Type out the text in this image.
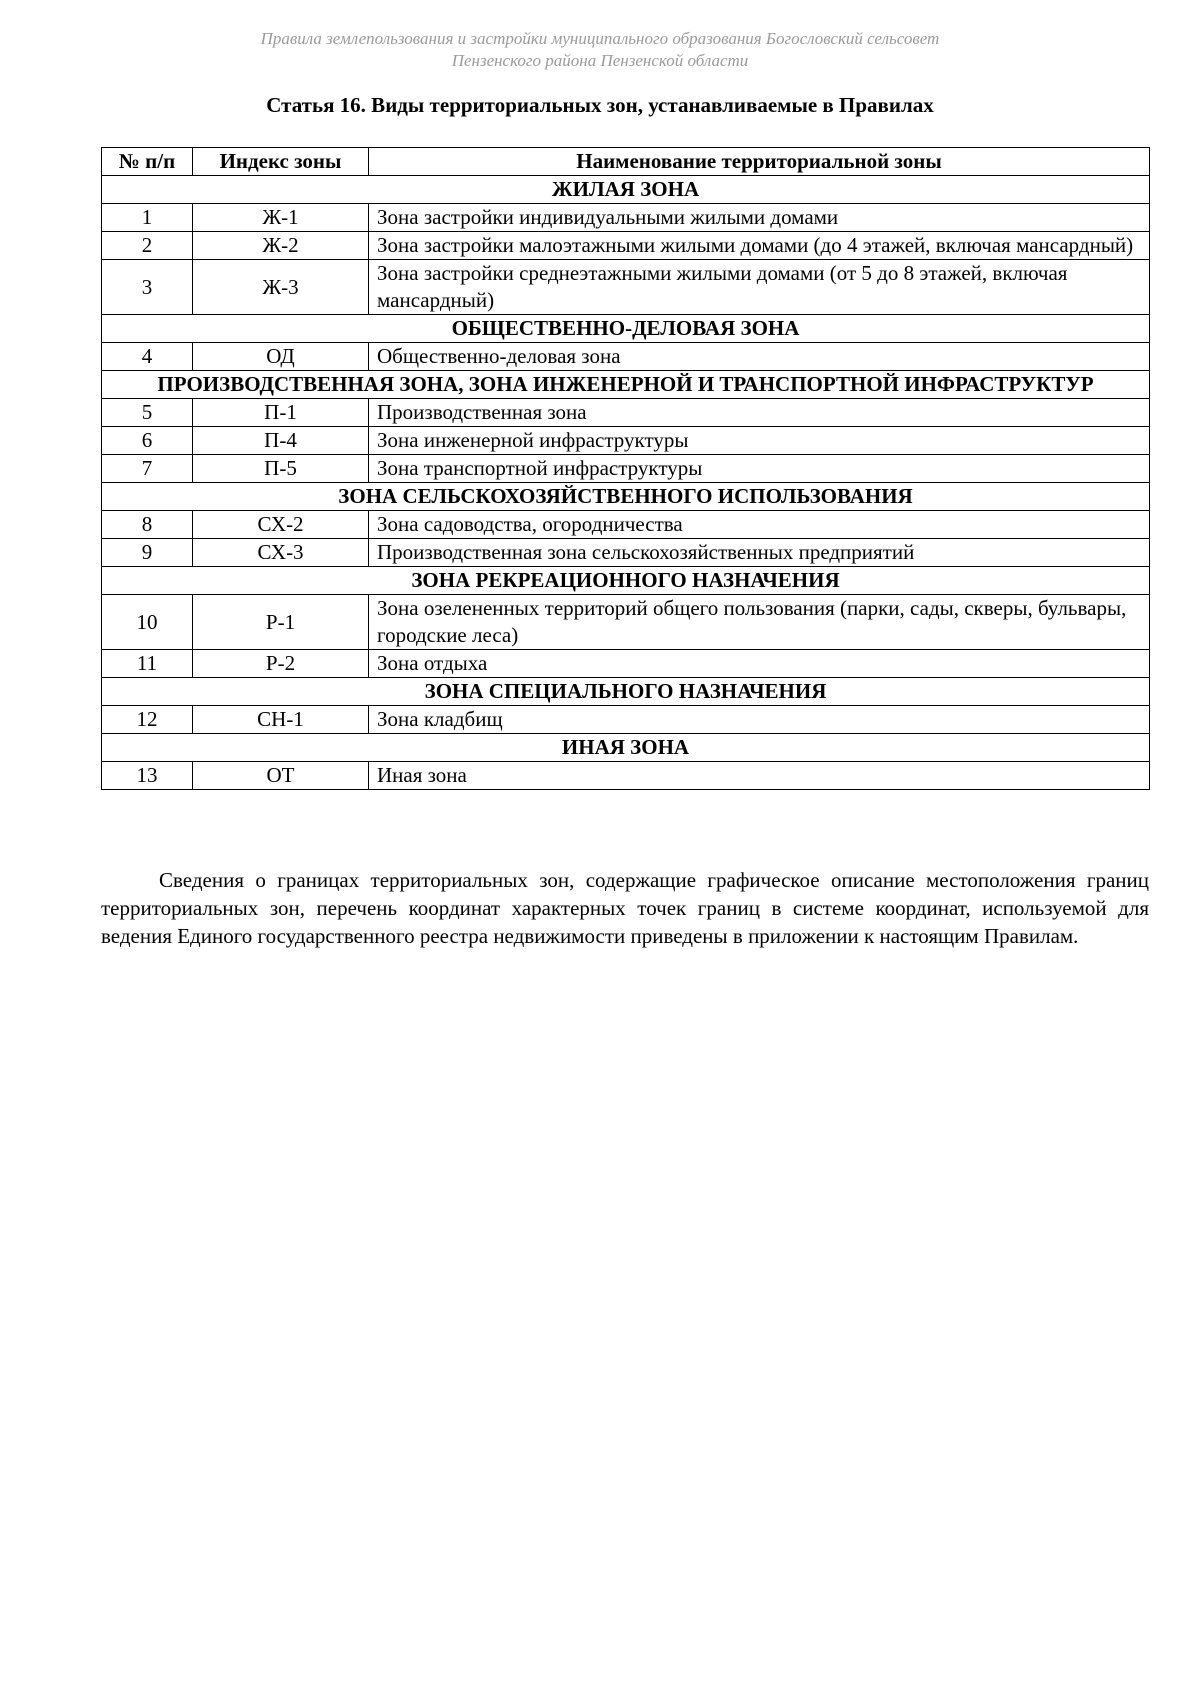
Правила землепользования и застройки муниципального образования Богословский сельсовет
Пензенского района Пензенской области
Статья 16. Виды территориальных зон, устанавливаемые в Правилах
№ п/п	Индекс зоны	Наименование территориальной зоны
ЖИЛАЯ ЗОНА		
1	Ж-1	Зона застройки индивидуальными жилыми домами
2	Ж-2	Зона застройки малоэтажными жилыми домами (до 4 этажей, включая мансардный)
3	Ж-3	Зона застройки среднеэтажными жилыми домами (от 5 до 8 этажей, включая мансардный)
ОБЩЕСТВЕННО-ДЕЛОВАЯ ЗОНА		
4	ОД	Общественно-деловая зона
ПРОИЗВОДСТВЕННАЯ ЗОНА, ЗОНА ИНЖЕНЕРНОЙ И ТРАНСПОРТНОЙ ИНФРАСТРУКТУР		
5	П-1	Производственная зона
6	П-4	Зона инженерной инфраструктуры
7	П-5	Зона транспортной инфраструктуры
ЗОНА СЕЛЬСКОХОЗЯЙСТВЕННОГО ИСПОЛЬЗОВАНИЯ		
8	СХ-2	Зона садоводства, огородничества
9	СХ-3	Производственная зона сельскохозяйственных предприятий
ЗОНА РЕКРЕАЦИОННОГО НАЗНАЧЕНИЯ		
10	Р-1	Зона озелененных территорий общего пользования (парки, сады, скверы, бульвары, городские леса)
11	Р-2	Зона отдыха
ЗОНА СПЕЦИАЛЬНОГО НАЗНАЧЕНИЯ		
12	СН-1	Зона кладбищ
ИНАЯ ЗОНА		
13	ОТ	Иная зона

Сведения о границах территориальных зон, содержащие графическое описание местоположения границ территориальных зон, перечень координат характерных точек границ в системе координат, используемой для ведения Единого государственного реестра недвижимости приведены в приложении к настоящим Правилам.
